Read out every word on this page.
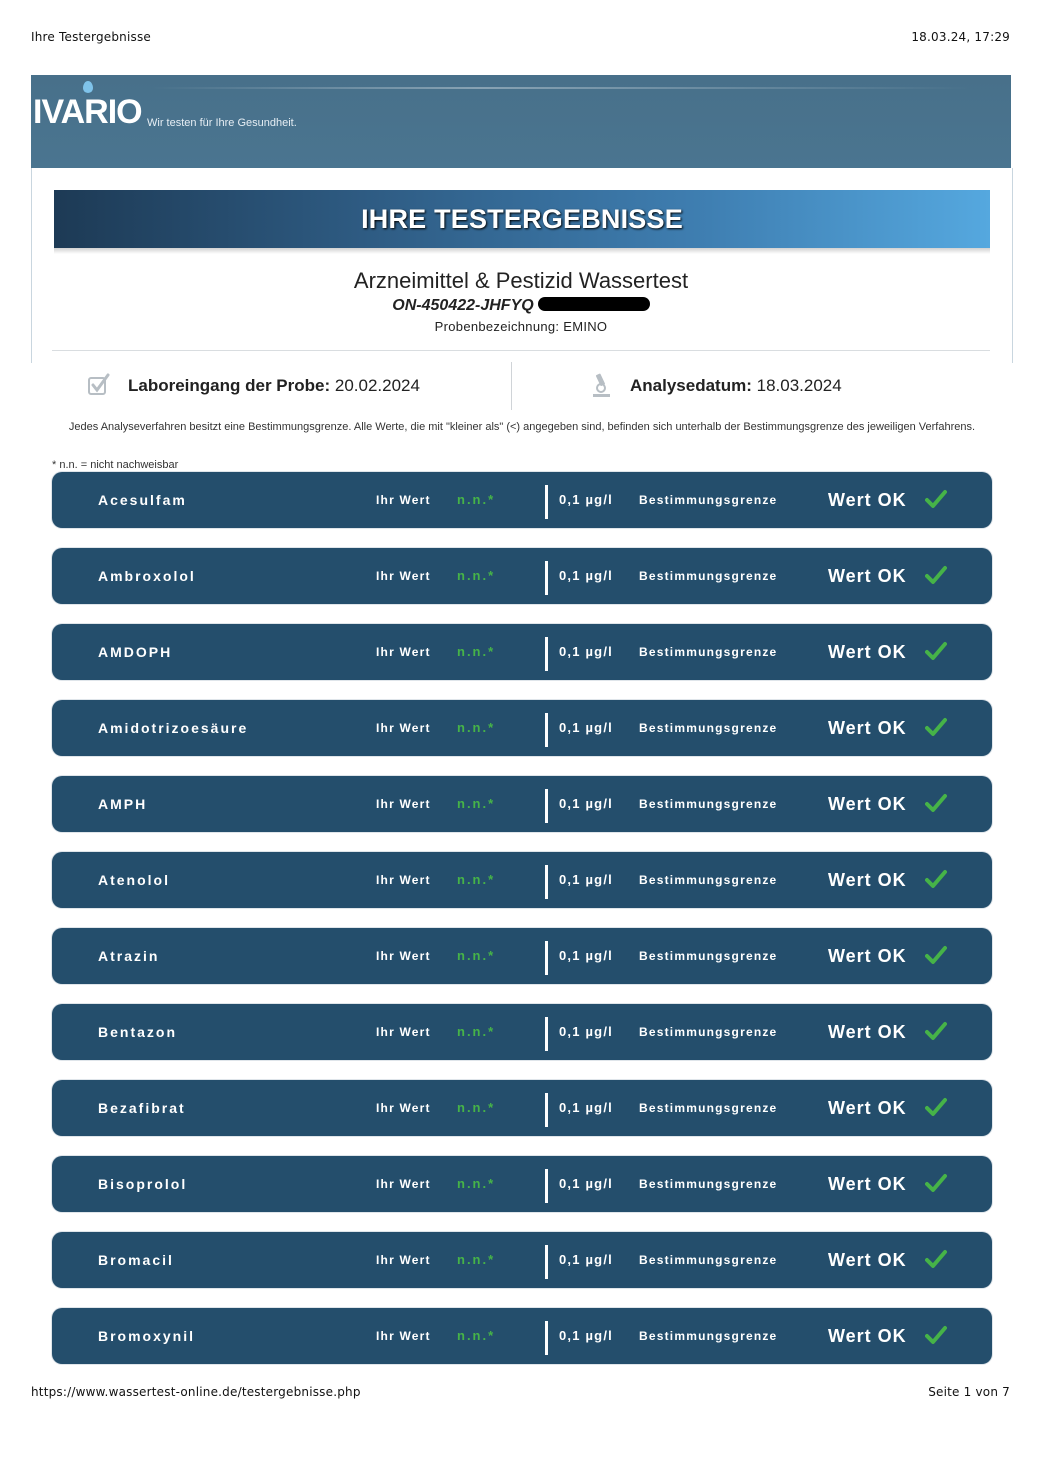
Ihre Testergebnisse	18.03.24, 17:29
IVARIO Wir testen für Ihre Gesundheit.
IHRE TESTERGEBNISSE
Arzneimittel & Pestizid Wassertest
ON-450422-JHFYQ
Probenbezeichnung: EMINO
Laboreingang der Probe: 20.02.2024	Analysedatum: 18.03.2024
Jedes Analyseverfahren besitzt eine Bestimmungsgrenze. Alle Werte, die mit "kleiner als" (<) angegeben sind, befinden sich unterhalb der Bestimmungsgrenze des jeweiligen Verfahrens.
* n.n. = nicht nachweisbar
Acesulfam	Ihr Wert n.n.*	0,1 µg/l Bestimmungsgrenze	Wert OK
Ambroxolol	Ihr Wert n.n.*	0,1 µg/l Bestimmungsgrenze	Wert OK
AMDOPH	Ihr Wert n.n.*	0,1 µg/l Bestimmungsgrenze	Wert OK
Amidotrizoesäure	Ihr Wert n.n.*	0,1 µg/l Bestimmungsgrenze	Wert OK
AMPH	Ihr Wert n.n.*	0,1 µg/l Bestimmungsgrenze	Wert OK
Atenolol	Ihr Wert n.n.*	0,1 µg/l Bestimmungsgrenze	Wert OK
Atrazin	Ihr Wert n.n.*	0,1 µg/l Bestimmungsgrenze	Wert OK
Bentazon	Ihr Wert n.n.*	0,1 µg/l Bestimmungsgrenze	Wert OK
Bezafibrat	Ihr Wert n.n.*	0,1 µg/l Bestimmungsgrenze	Wert OK
Bisoprolol	Ihr Wert n.n.*	0,1 µg/l Bestimmungsgrenze	Wert OK
Bromacil	Ihr Wert n.n.*	0,1 µg/l Bestimmungsgrenze	Wert OK
Bromoxynil	Ihr Wert n.n.*	0,1 µg/l Bestimmungsgrenze	Wert OK
https://www.wassertest-online.de/testergebnisse.php	Seite 1 von 7
